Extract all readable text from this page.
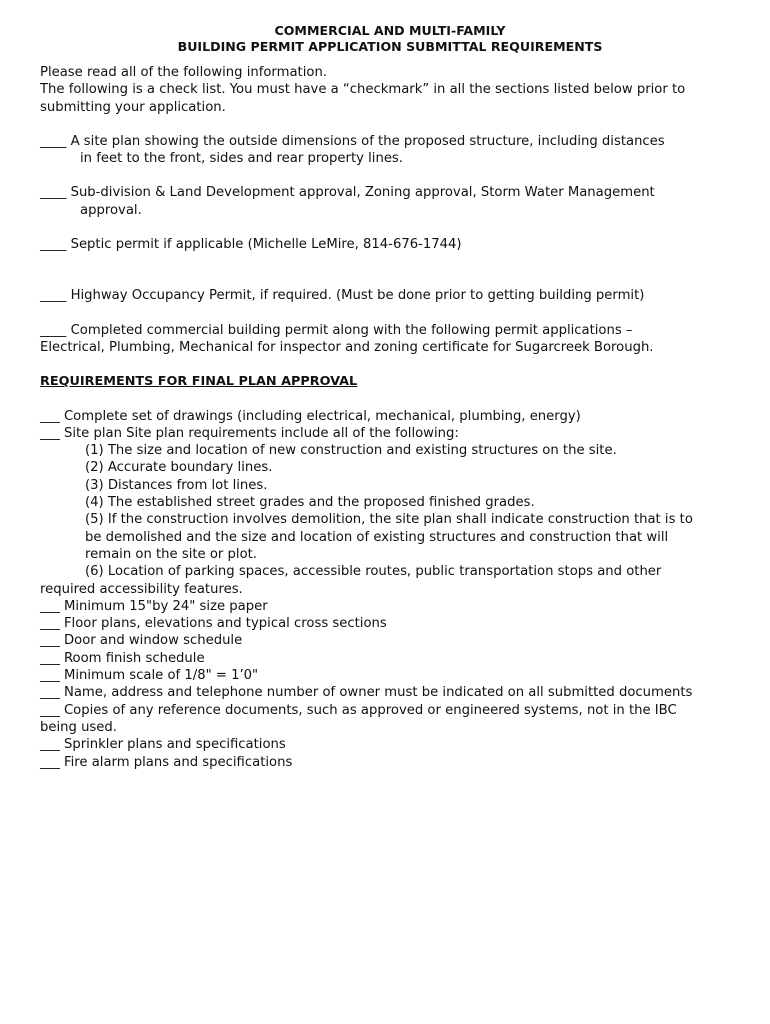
COMMERCIAL AND MULTI-FAMILY
BUILDING PERMIT APPLICATION SUBMITTAL REQUIREMENTS

Please read all of the following information.

The following is a check list. You must have a “checkmark” in all the sections listed below prior to submitting your application.

____ A site plan showing the outside dimensions of the proposed structure, including distances

in feet to the front, sides and rear property lines.

____ Sub-division & Land Development approval, Zoning approval, Storm Water Management

approval.

____ Septic permit if applicable (Michelle LeMire, 814-676-1744)

____ Highway Occupancy Permit, if required. (Must be done prior to getting building permit)

____ Completed commercial building permit along with the following permit applications –

Electrical, Plumbing, Mechanical for inspector and zoning certificate for Sugarcreek Borough.

REQUIREMENTS FOR FINAL PLAN APPROVAL

___ Complete set of drawings (including electrical, mechanical, plumbing, energy)

___ Site plan Site plan requirements include all of the following:

(1) The size and location of new construction and existing structures on the site.

(2) Accurate boundary lines.

(3) Distances from lot lines.

(4) The established street grades and the proposed finished grades.

(5) If the construction involves demolition, the site plan shall indicate construction that is to

be demolished and the size and location of existing structures and construction that will

remain on the site or plot.

(6) Location of parking spaces, accessible routes, public transportation stops and other

required accessibility features.

___ Minimum 15"by 24" size paper

___ Floor plans, elevations and typical cross sections

___ Door and window schedule

___ Room finish schedule

___ Minimum scale of 1/8" = 1’0"

___ Name, address and telephone number of owner must be indicated on all submitted documents

___ Copies of any reference documents, such as approved or engineered systems, not in the IBC

being used.

___ Sprinkler plans and specifications

___ Fire alarm plans and specifications
